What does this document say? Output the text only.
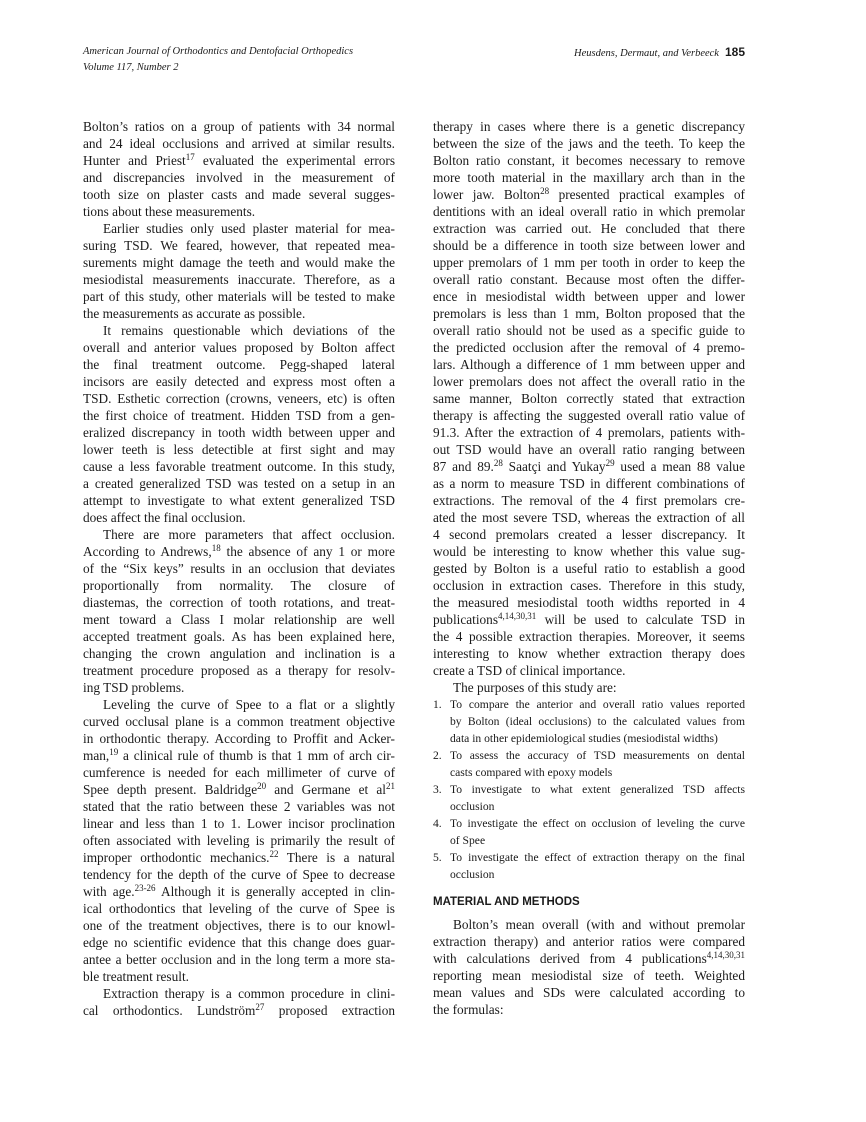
American Journal of Orthodontics and Dentofacial Orthopedics
Volume 117, Number 2
Heusdens, Dermaut, and Verbeeck 185
Bolton’s ratios on a group of patients with 34 normal
and 24 ideal occlusions and arrived at similar results.
Hunter and Priest$^{17}$ evaluated the experimental errors
and discrepancies involved in the measurement of
tooth size on plaster casts and made several sugges-
tions about these measurements.
Earlier studies only used plaster material for mea-
suring TSD. We feared, however, that repeated mea-
surements might damage the teeth and would make the
mesiodistal measurements inaccurate. Therefore, as a
part of this study, other materials will be tested to make
the measurements as accurate as possible.
It remains questionable which deviations of the
overall and anterior values proposed by Bolton affect
the final treatment outcome. Pegg-shaped lateral
incisors are easily detected and express most often a
TSD. Esthetic correction (crowns, veneers, etc) is often
the first choice of treatment. Hidden TSD from a gen-
eralized discrepancy in tooth width between upper and
lower teeth is less detectible at first sight and may
cause a less favorable treatment outcome. In this study,
a created generalized TSD was tested on a setup in an
attempt to investigate to what extent generalized TSD
does affect the final occlusion.
There are more parameters that affect occlusion.
According to Andrews,$^{18}$ the absence of any 1 or more
of the “Six keys” results in an occlusion that deviates
proportionally from normality. The closure of
diastemas, the correction of tooth rotations, and treat-
ment toward a Class I molar relationship are well
accepted treatment goals. As has been explained here,
changing the crown angulation and inclination is a
treatment procedure proposed as a therapy for resolv-
ing TSD problems.
Leveling the curve of Spee to a flat or a slightly
curved occlusal plane is a common treatment objective
in orthodontic therapy. According to Proffit and Acker-
man,$^{19}$ a clinical rule of thumb is that 1 mm of arch cir-
cumference is needed for each millimeter of curve of
Spee depth present. Baldridge$^{20}$ and Germane et $al^{21}$
stated that the ratio between these 2 variables was not
linear and less than 1 to 1. Lower incisor proclination
often associated with leveling is primarily the result of
improper orthodontic mechanics.$^{22}$ There is a natural
tendency for the depth of the curve of Spee to decrease
with age.$^{23-26}$ Although it is generally accepted in clin-
ical orthodontics that leveling of the curve of Spee is
one of the treatment objectives, there is to our knowl-
edge no scientific evidence that this change does guar-
antee a better occlusion and in the long term a more sta-
ble treatment result.
Extraction therapy is a common procedure in clini-
cal orthodontics. Lundström$^{27}$ proposed extraction
therapy in cases where there is a genetic discrepancy
between the size of the jaws and the teeth. To keep the
Bolton ratio constant, it becomes necessary to remove
more tooth material in the maxillary arch than in the
lower jaw. Bolton$^{28}$ presented practical examples of
dentitions with an ideal overall ratio in which premolar
extraction was carried out. He concluded that there
should be a difference in tooth size between lower and
upper premolars of 1 mm per tooth in order to keep the
overall ratio constant. Because most often the differ-
ence in mesiodistal width between upper and lower
premolars is less than 1 mm, Bolton proposed that the
overall ratio should not be used as a specific guide to
the predicted occlusion after the removal of 4 premo-
lars. Although a difference of 1 mm between upper and
lower premolars does not affect the overall ratio in the
same manner, Bolton correctly stated that extraction
therapy is affecting the suggested overall ratio value of
91.3. After the extraction of 4 premolars, patients with-
out TSD would have an overall ratio ranging between
87 and 89.28 Saatçi and Yukay$^{29}$ used a mean 88 value
as a norm to measure TSD in different combinations of
extractions. The removal of the 4 first premolars cre-
ated the most severe TSD, whereas the extraction of all
4 second premolars created a lesser discrepancy. It
would be interesting to know whether this value sug-
gested by Bolton is a useful ratio to establish a good
occlusion in extraction cases. Therefore in this study,
the measured mesiodistal tooth widths reported in 4
publications$^{4,14,30,31}$ will be used to calculate TSD in
the 4 possible extraction therapies. Moreover, it seems
interesting to know whether extraction therapy does
create a TSD of clinical importance.
The purposes of this study are:
1. To compare the anterior and overall ratio values reported
by Bolton (ideal occlusions) to the calculated values from
data in other epidemiological studies (mesiodistal widths)
2. To assess the accuracy of TSD measurements on dental
casts compared with epoxy models
3. To investigate to what extent generalized TSD affects
occlusion
4. To investigate the effect on occlusion of leveling the curve
of Spee
5. To investigate the effect of extraction therapy on the final
occlusion
MATERIAL AND METHODS
Bolton’s mean overall (with and without premolar
extraction therapy) and anterior ratios were compared
with calculations derived from 4 publications$^{4,14,30,31}$
reporting mean mesiodistal size of teeth. Weighted
mean values and SDs were calculated according to
the formulas:
